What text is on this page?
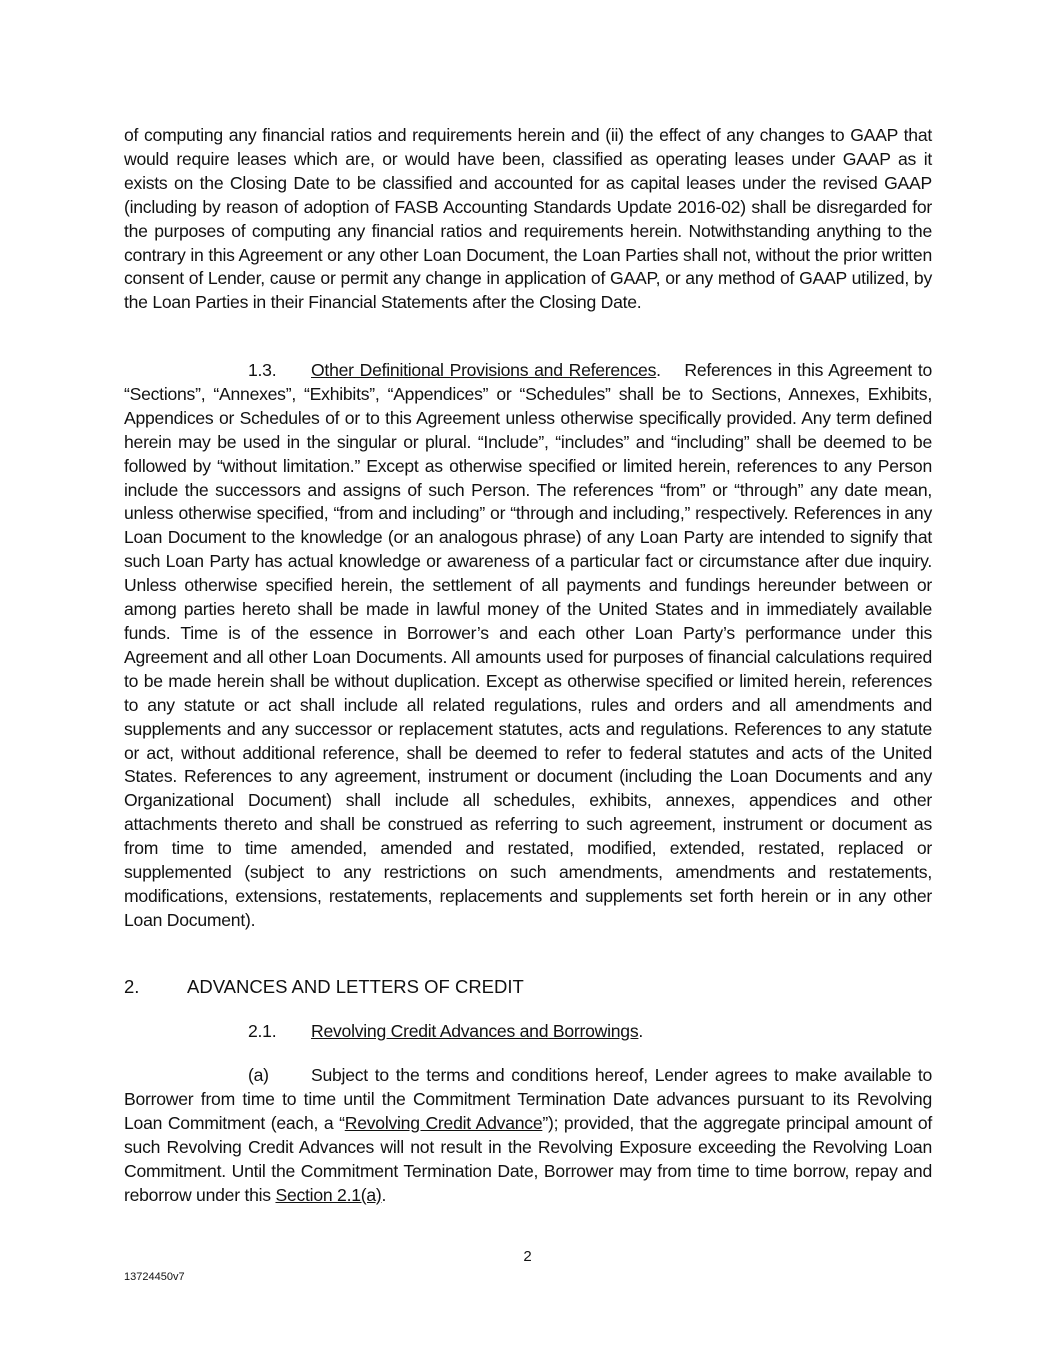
of computing any financial ratios and requirements herein and (ii) the effect of any changes to GAAP that would require leases which are, or would have been, classified as operating leases under GAAP as it exists on the Closing Date to be classified and accounted for as capital leases under the revised GAAP (including by reason of adoption of FASB Accounting Standards Update 2016-02) shall be disregarded for the purposes of computing any financial ratios and requirements herein. Notwithstanding anything to the contrary in this Agreement or any other Loan Document, the Loan Parties shall not, without the prior written consent of Lender, cause or permit any change in application of GAAP, or any method of GAAP utilized, by the Loan Parties in their Financial Statements after the Closing Date.

1.3. Other Definitional Provisions and References. References in this Agreement to “Sections”, “Annexes”, “Exhibits”, “Appendices” or “Schedules” shall be to Sections, Annexes, Exhibits, Appendices or Schedules of or to this Agreement unless otherwise specifically provided. Any term defined herein may be used in the singular or plural. “Include”, “includes” and “including” shall be deemed to be followed by “without limitation.” Except as otherwise specified or limited herein, references to any Person include the successors and assigns of such Person. The references “from” or “through” any date mean, unless otherwise specified, “from and including” or “through and including,” respectively. References in any Loan Document to the knowledge (or an analogous phrase) of any Loan Party are intended to signify that such Loan Party has actual knowledge or awareness of a particular fact or circumstance after due inquiry. Unless otherwise specified herein, the settlement of all payments and fundings hereunder between or among parties hereto shall be made in lawful money of the United States and in immediately available funds. Time is of the essence in Borrower’s and each other Loan Party’s performance under this Agreement and all other Loan Documents. All amounts used for purposes of financial calculations required to be made herein shall be without duplication. Except as otherwise specified or limited herein, references to any statute or act shall include all related regulations, rules and orders and all amendments and supplements and any successor or replacement statutes, acts and regulations. References to any statute or act, without additional reference, shall be deemed to refer to federal statutes and acts of the United States. References to any agreement, instrument or document (including the Loan Documents and any Organizational Document) shall include all schedules, exhibits, annexes, appendices and other attachments thereto and shall be construed as referring to such agreement, instrument or document as from time to time amended, amended and restated, modified, extended, restated, replaced or supplemented (subject to any restrictions on such amendments, amendments and restatements, modifications, extensions, restatements, replacements and supplements set forth herein or in any other Loan Document).

2.	ADVANCES AND LETTERS OF CREDIT
2.1. Revolving Credit Advances and Borrowings.

(a) Subject to the terms and conditions hereof, Lender agrees to make available to Borrower from time to time until the Commitment Termination Date advances pursuant to its Revolving Loan Commitment (each, a “Revolving Credit Advance”); provided, that the aggregate principal amount of such Revolving Credit Advances will not result in the Revolving Exposure exceeding the Revolving Loan Commitment. Until the Commitment Termination Date, Borrower may from time to time borrow, repay and reborrow under this Section 2.1(a).

2
13724450v7
